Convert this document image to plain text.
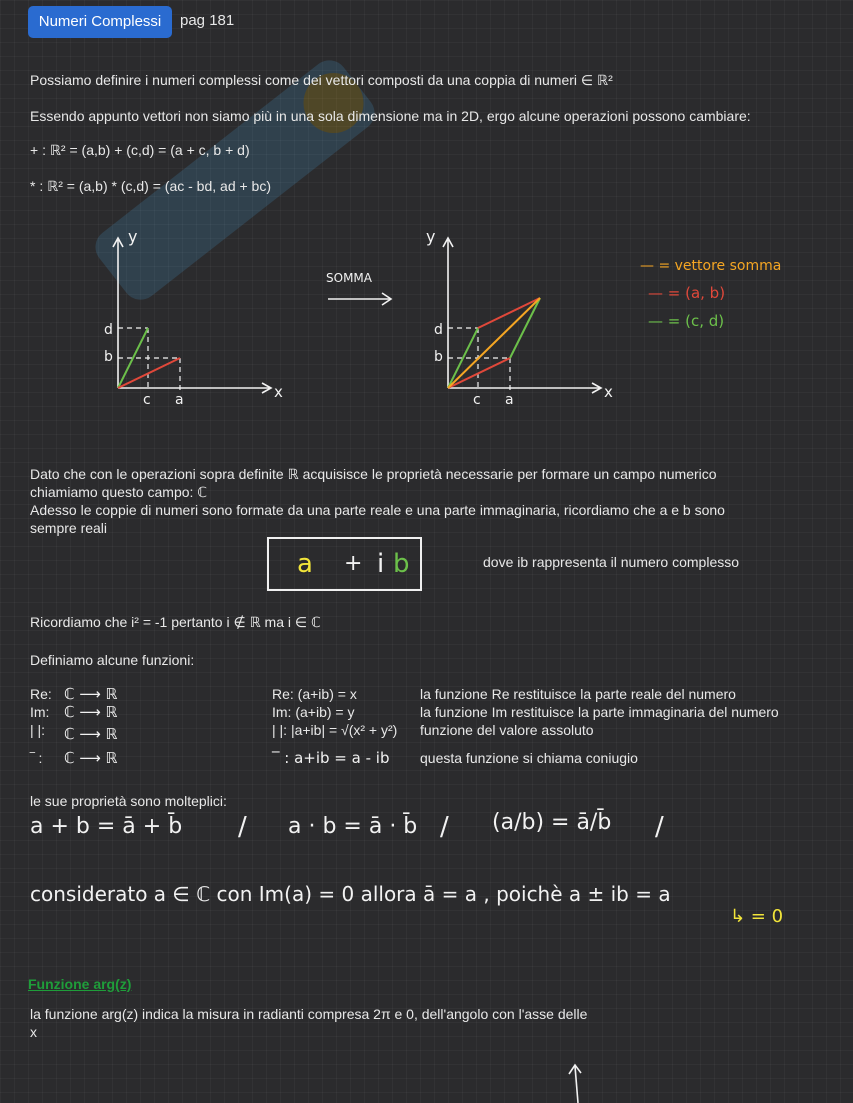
Numeri Complessi	pag 181
Possiamo definire i numeri complessi come dei vettori composti da una coppia di numeri ∈ ℝ²
Essendo appunto vettori non siamo più in una sola dimensione ma in 2D, ergo alcune operazioni possono cambiare:
+ : ℝ² = (a,b) + (c,d) = (a + c, b + d)
* : ℝ² = (a,b) * (c,d) = (ac - bd, ad + bc)
y
x
d
b
c a
SOMMA
y
x
d
b
c a
— = vettore somma
— = (a, b)
— = (c, d)
Dato che con le operazioni sopra definite ℝ acquisisce le proprietà necessarie per formare un campo numerico
chiamiamo questo campo: ℂ
Adesso le coppie di numeri sono formate da una parte reale e una parte immaginaria, ricordiamo che a e b sono
sempre reali
a + i b	dove ib rappresenta il numero complesso
Ricordiamo che i² = -1 pertanto i ∉ ℝ ma i ∈ ℂ
Definiamo alcune funzioni:
Re: ℂ ⟶ ℝ	Re: (a+ib) = x	la funzione Re restituisce la parte reale del numero
Im: ℂ ⟶ ℝ	Im: (a+ib) = y	la funzione Im restituisce la parte immaginaria del numero
| |: ℂ ⟶ ℝ	| |: |a+ib| = √(x² + y²) funzione del valore assoluto
‾ : ℂ ⟶ ℝ	‾ : a+ib = a - ib questa funzione si chiama coniugio
le sue proprietà sono molteplici:
a + b = ā + b̄ / a · b = ā · b̄ / (a/b) = ā/b̄ /
considerato a ∈ ℂ con Im(a) = 0 allora ā = a , poichè a ± ib = a
↳ = 0
Funzione arg(z)
la funzione arg(z) indica la misura in radianti compresa 2π e 0, dell'angolo con l'asse delle
x
